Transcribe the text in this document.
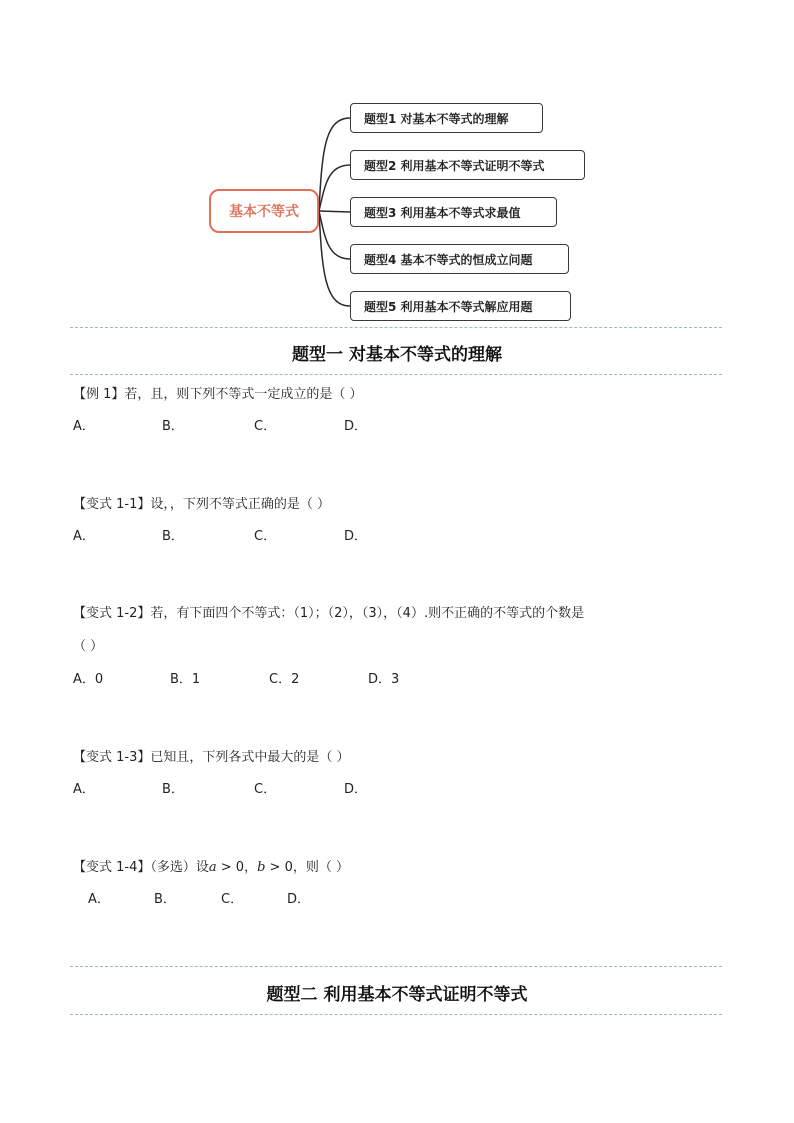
基本不等式
题型1 对基本不等式的理解
题型2 利用基本不等式证明不等式
题型3 利用基本不等式求最值
题型4 基本不等式的恒成立问题
题型5 利用基本不等式解应用题
题型一 对基本不等式的理解
【例 1】若，且，则下列不等式一定成立的是（ ）
A．	B．	C．	D．
【变式 1-1】设，，下列不等式正确的是（ ）
A．	B．	C．	D．
【变式 1-2】若，有下面四个不等式：（1）；（2），（3），（4）.则不正确的不等式的个数是
（ ）
A．0	B．1	C．2	D．3
【变式 1-3】已知且，下列各式中最大的是（ ）
A．	B．	C．	D．
【变式 1-4】（多选）设a > 0，b > 0，则（ ）
A．	B．	C．	D．
题型二 利用基本不等式证明不等式
